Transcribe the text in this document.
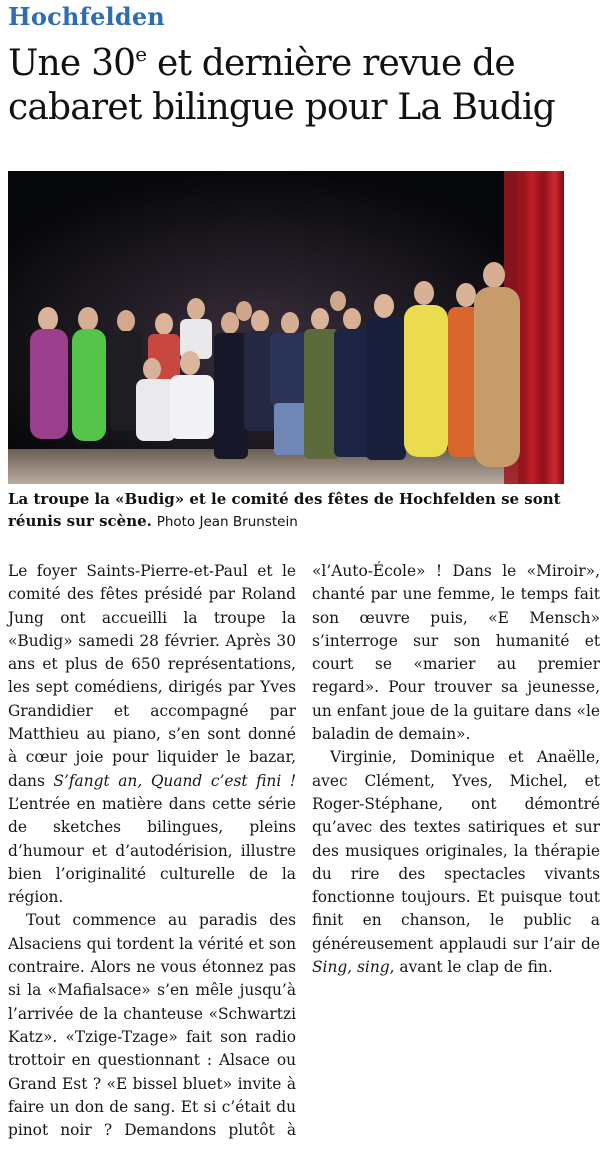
Hochfelden
Une 30e et dernière revue de cabaret bilingue pour La Budig
La troupe la «Budig» et le comité des fêtes de Hochfelden se sont réunis sur scène. Photo Jean Brunstein

Le foyer Saints-Pierre-et-Paul et le comité des fêtes présidé par Roland Jung ont accueilli la troupe la «Budig» samedi 28 février. Après 30 ans et plus de 650 représentations, les sept comédiens, dirigés par Yves Grandidier et accompagné par Matthieu au piano, s’en sont donné à cœur joie pour liquider le bazar, dans S’fangt an, Quand c’est fini ! L’entrée en matière dans cette série de sketches bilingues, pleins d’humour et d’autodérision, illustre bien l’originalité culturelle de la région.

Tout commence au paradis des Alsaciens qui tordent la vérité et son contraire. Alors ne vous étonnez pas si la «Mafialsace» s’en mêle jusqu’à l’arrivée de la chanteuse «Schwartzi Katz». «Tzige-Tzage» fait son radio trottoir en questionnant : Alsace ou Grand Est ? «E bissel bluet» invite à faire un don de sang. Et si c’était du pinot noir ? Demandons plutôt à «l’Auto-École» ! Dans le «Miroir», chanté par une femme, le temps fait son œuvre puis, «E Mensch» s’interroge sur son humanité et court se «marier au premier regard». Pour trouver sa jeunesse, un enfant joue de la guitare dans «le baladin de demain».

Virginie, Dominique et Anaëlle, avec Clément, Yves, Michel, et Roger-Stéphane, ont démontré qu’avec des textes satiriques et sur des musiques originales, la thérapie du rire des spectacles vivants fonctionne toujours. Et puisque tout finit en chanson, le public a généreusement applaudi sur l’air de Sing, sing, avant le clap de fin.
